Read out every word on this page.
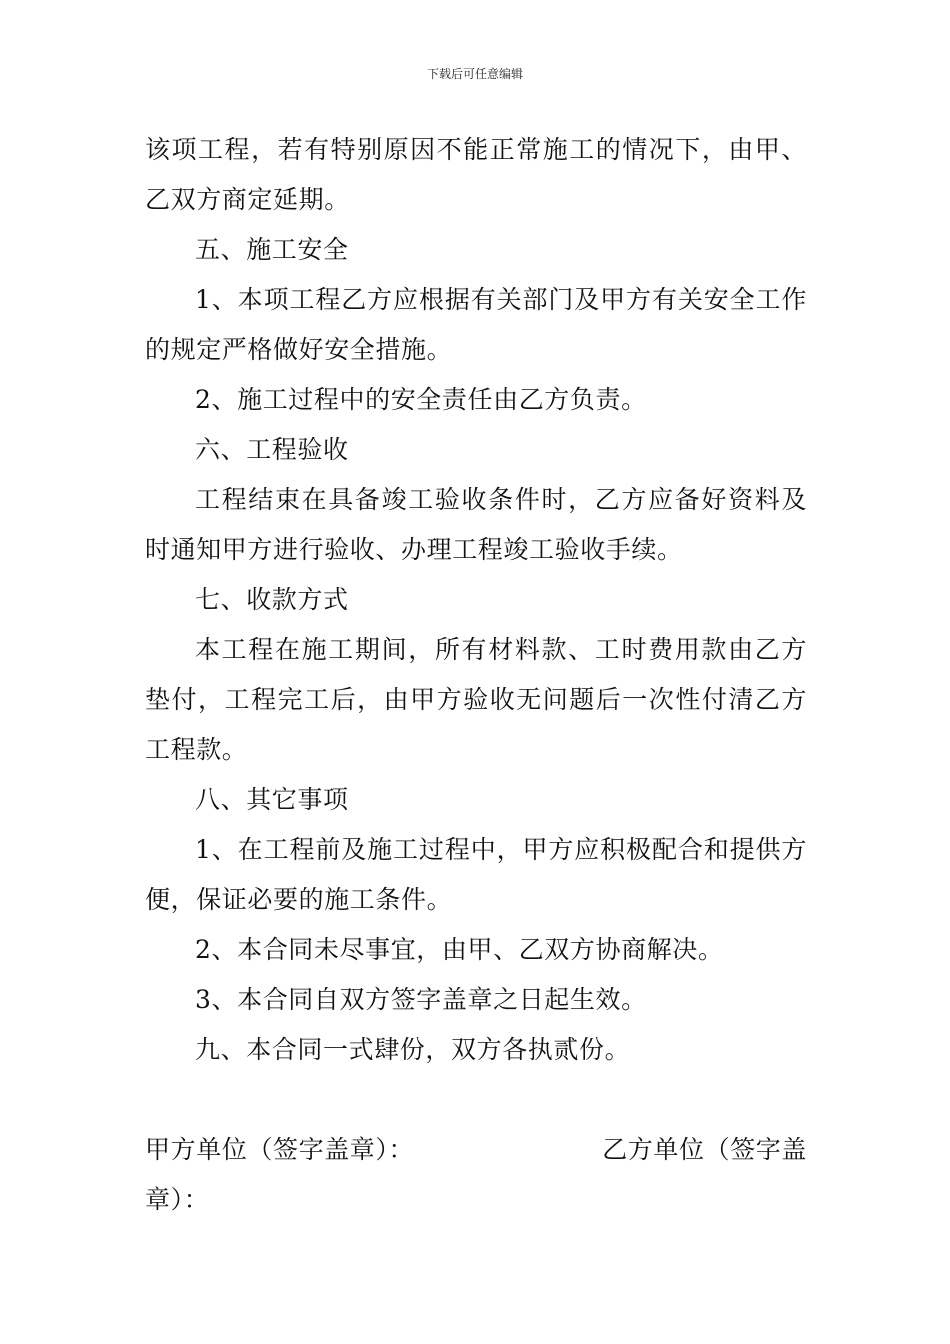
下载后可任意编辑

该项工程，若有特别原因不能正常施工的情况下，由甲、乙双方商定延期。

五、施工安全

1、本项工程乙方应根据有关部门及甲方有关安全工作的规定严格做好安全措施。

2、施工过程中的安全责任由乙方负责。

六、工程验收

工程结束在具备竣工验收条件时，乙方应备好资料及时通知甲方进行验收、办理工程竣工验收手续。

七、收款方式

本工程在施工期间，所有材料款、工时费用款由乙方垫付，工程完工后，由甲方验收无问题后一次性付清乙方工程款。

八、其它事项

1、在工程前及施工过程中，甲方应积极配合和提供方便，保证必要的施工条件。

2、本合同未尽事宜，由甲、乙双方协商解决。

3、本合同自双方签字盖章之日起生效。

九、本合同一式肆份，双方各执贰份。

甲方单位（签字盖章）：	乙方单位（签字盖
章）：
